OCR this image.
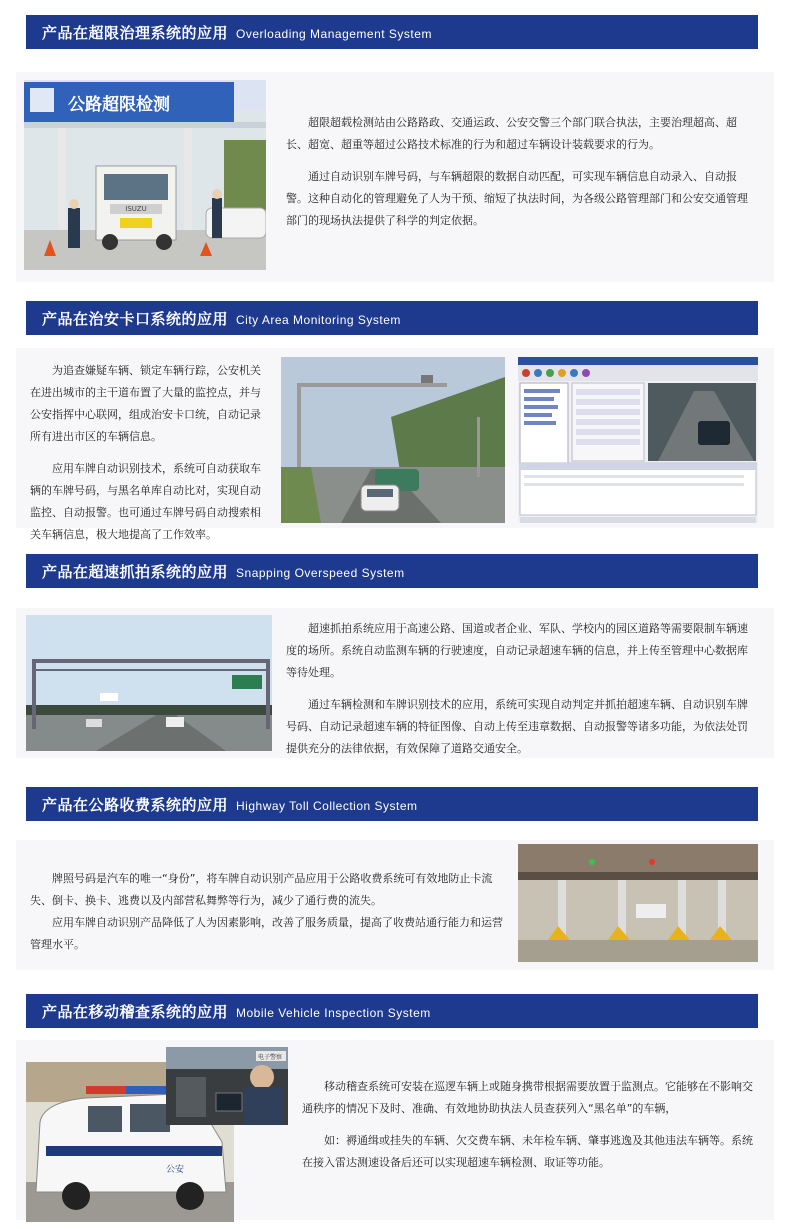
产品在超限治理系统的应用 Overloading Management System
公路超限检测
ISUZU

超限超载检测站由公路路政、交通运政、公安交警三个部门联合执法，主要治理超高、超长、超宽、超重等超过公路技术标准的行为和超过车辆设计装载要求的行为。

通过自动识别车牌号码，与车辆超限的数据自动匹配，可实现车辆信息自动录入、自动报警。这种自动化的管理避免了人为干预、缩短了执法时间，为各级公路管理部门和公安交通管理部门的现场执法提供了科学的判定依据。

产品在治安卡口系统的应用 City Area Monitoring System

为追查嫌疑车辆、锁定车辆行踪，公安机关在进出城市的主干道布置了大量的监控点，并与公安指挥中心联网，组成治安卡口统，自动记录所有进出市区的车辆信息。

应用车牌自动识别技术，系统可自动获取车辆的车牌号码，与黑名单库自动比对，实现自动监控、自动报警。也可通过车牌号码自动搜索相关车辆信息，极大地提高了工作效率。

产品在超速抓拍系统的应用 Snapping Overspeed System

超速抓拍系统应用于高速公路、国道或者企业、军队、学校内的园区道路等需要限制车辆速度的场所。系统自动监测车辆的行驶速度，自动记录超速车辆的信息，并上传至管理中心数据库等待处理。

通过车辆检测和车牌识别技术的应用，系统可实现自动判定并抓拍超速车辆、自动识别车牌号码、自动记录超速车辆的特征图像、自动上传至违章数据、自动报警等诸多功能，为依法处罚提供充分的法律依据，有效保障了道路交通安全。

产品在公路收费系统的应用 Highway Toll Collection System

牌照号码是汽车的唯一“身份”，将车牌自动识别产品应用于公路收费系统可有效地防止卡流失、倒卡、换卡、逃费以及内部营私舞弊等行为，减少了通行费的流失。

应用车牌自动识别产品降低了人为因素影响，改善了服务质量，提高了收费站通行能力和运营管理水平。

产品在移动稽查系统的应用 Mobile Vehicle Inspection System
公安
电子警察

移动稽查系统可安装在巡逻车辆上或随身携带根据需要放置于监测点。它能够在不影响交通秩序的情况下及时、准确、有效地协助执法人员查获列入“黑名单”的车辆，

如：褥通缉或挂失的车辆、欠交费车辆、未年检车辆、肇事逃逸及其他违法车辆等。系统在接入雷达测速设备后还可以实现超速车辆检测、取证等功能。
